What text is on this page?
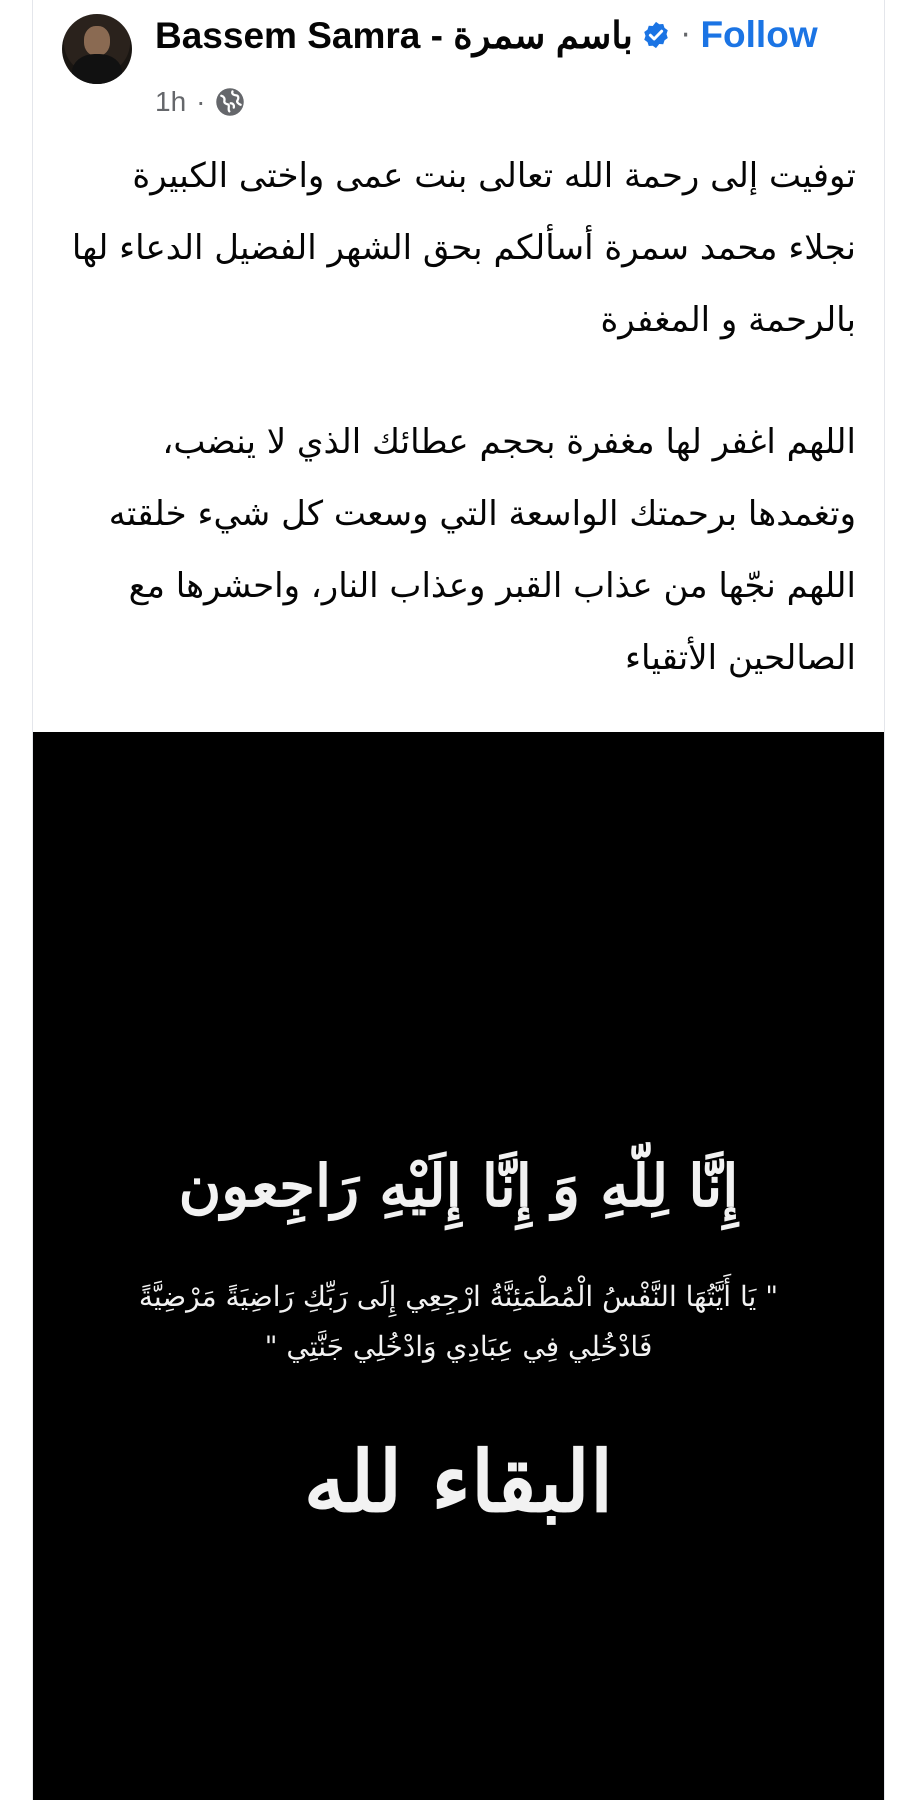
Bassem Samra - باسم سمرة · Follow
1h ·

توفيت إلى رحمة الله تعالى بنت عمى واختى الكبيرة

نجلاء محمد سمرة أسألكم بحق الشهر الفضيل الدعاء لها

بالرحمة و المغفرة

اللهم اغفر لها مغفرة بحجم عطائك الذي لا ينضب،

وتغمدها برحمتك الواسعة التي وسعت كل شيء خلقته

اللهم نجّها من عذاب القبر وعذاب النار، واحشرها مع

الصالحين الأتقياء

إِنَّا لِلّهِ وَ إِنَّا إِلَيْهِ رَاجِعون
" يَا أَيَّتُهَا النَّفْسُ الْمُطْمَئِنَّةُ ارْجِعِي إِلَى رَبِّكِ رَاضِيَةً مَرْضِيَّةً
فَادْخُلِي فِي عِبَادِي وَادْخُلِي جَنَّتِي "
البقاء لله
